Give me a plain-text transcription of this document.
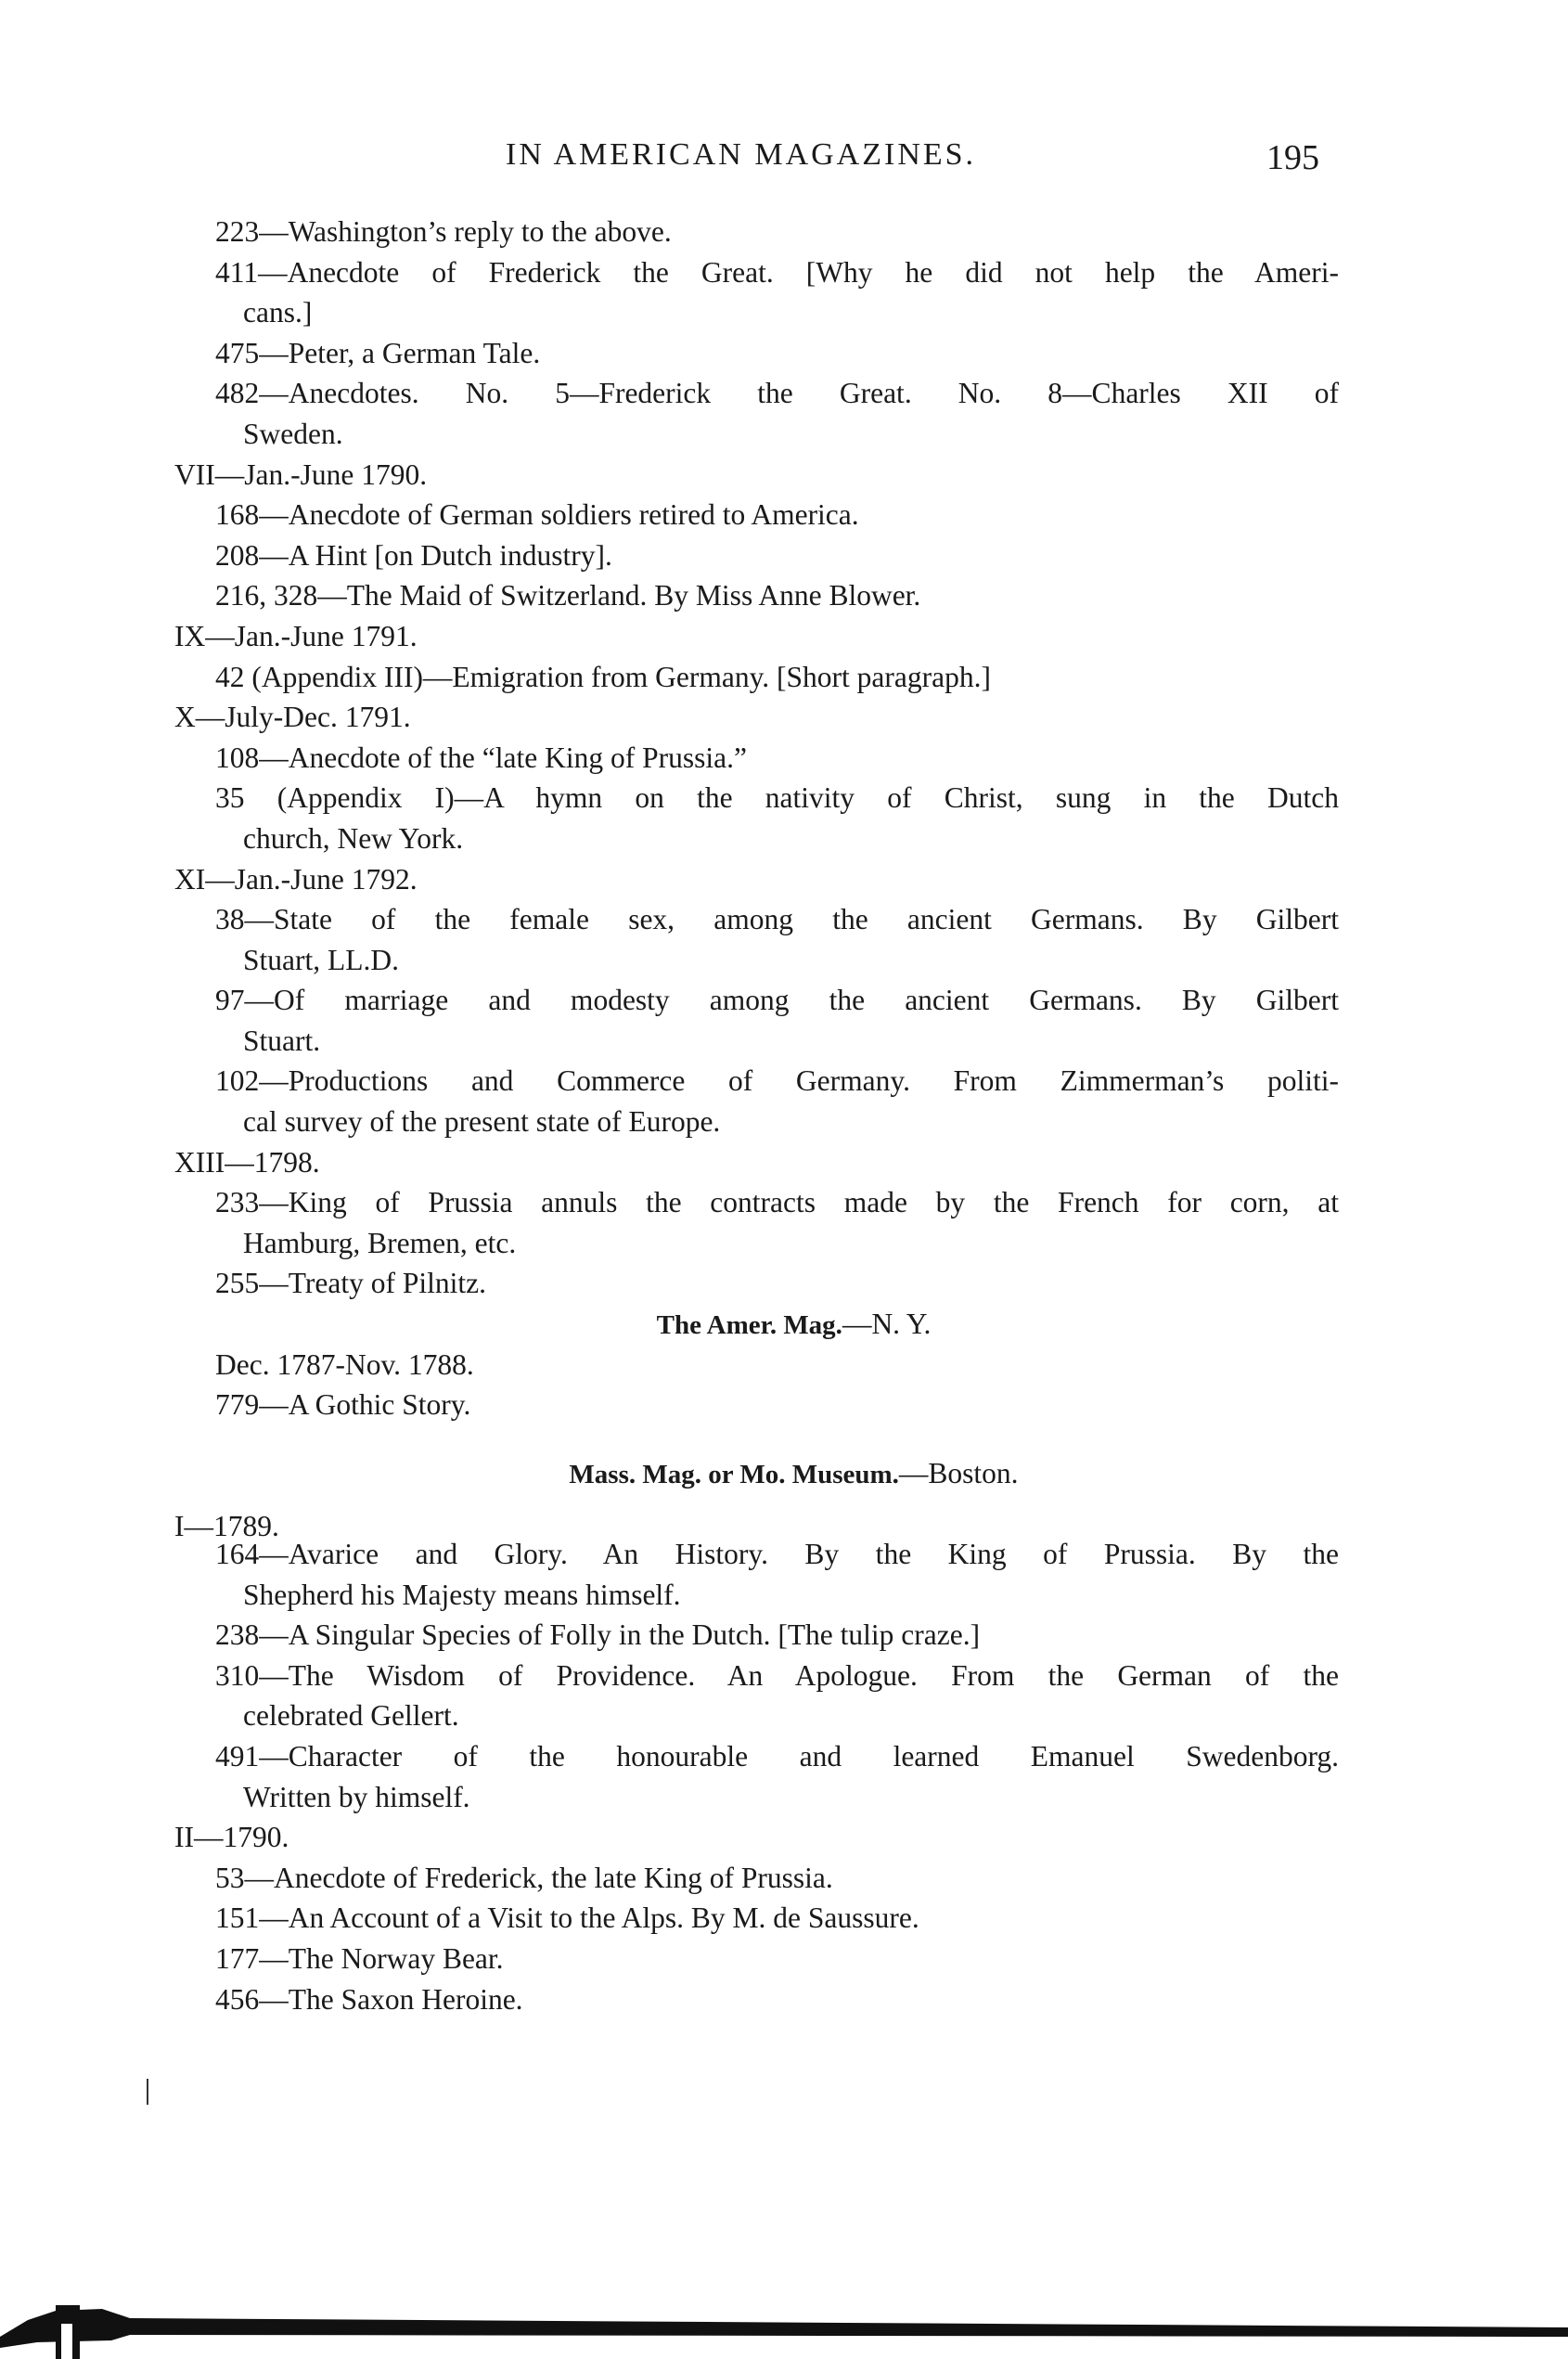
IN AMERICAN MAGAZINES.	195
223—Washington’s reply to the above.
411—Anecdote of Frederick the Great. [Why he did not help the Ameri-
cans.]
475—Peter, a German Tale.
482—Anecdotes. No. 5—Frederick the Great. No. 8—Charles XII of
Sweden.
VII—Jan.-June 1790.
168—Anecdote of German soldiers retired to America.
208—A Hint [on Dutch industry].
216, 328—The Maid of Switzerland. By Miss Anne Blower.
IX—Jan.-June 1791.
42 (Appendix III)—Emigration from Germany. [Short paragraph.]
X—July-Dec. 1791.
108—Anecdote of the “late King of Prussia.”
35 (Appendix I)—A hymn on the nativity of Christ, sung in the Dutch
church, New York.
XI—Jan.-June 1792.
38—State of the female sex, among the ancient Germans. By Gilbert
Stuart, LL.D.
97—Of marriage and modesty among the ancient Germans. By Gilbert
Stuart.
102—Productions and Commerce of Germany. From Zimmerman’s politi-
cal survey of the present state of Europe.
XIII—1798.
233—King of Prussia annuls the contracts made by the French for corn, at
Hamburg, Bremen, etc.
255—Treaty of Pilnitz.
The Amer. Mag.—N. Y.
Dec. 1787-Nov. 1788.
779—A Gothic Story.
Mass. Mag. or Mo. Museum.—Boston.
I—1789.
164—Avarice and Glory. An History. By the King of Prussia. By the
Shepherd his Majesty means himself.
238—A Singular Species of Folly in the Dutch. [The tulip craze.]
310—The Wisdom of Providence. An Apologue. From the German of the
celebrated Gellert.
491—Character of the honourable and learned Emanuel Swedenborg.
Written by himself.
II—1790.
53—Anecdote of Frederick, the late King of Prussia.
151—An Account of a Visit to the Alps. By M. de Saussure.
177—The Norway Bear.
456—The Saxon Heroine.
